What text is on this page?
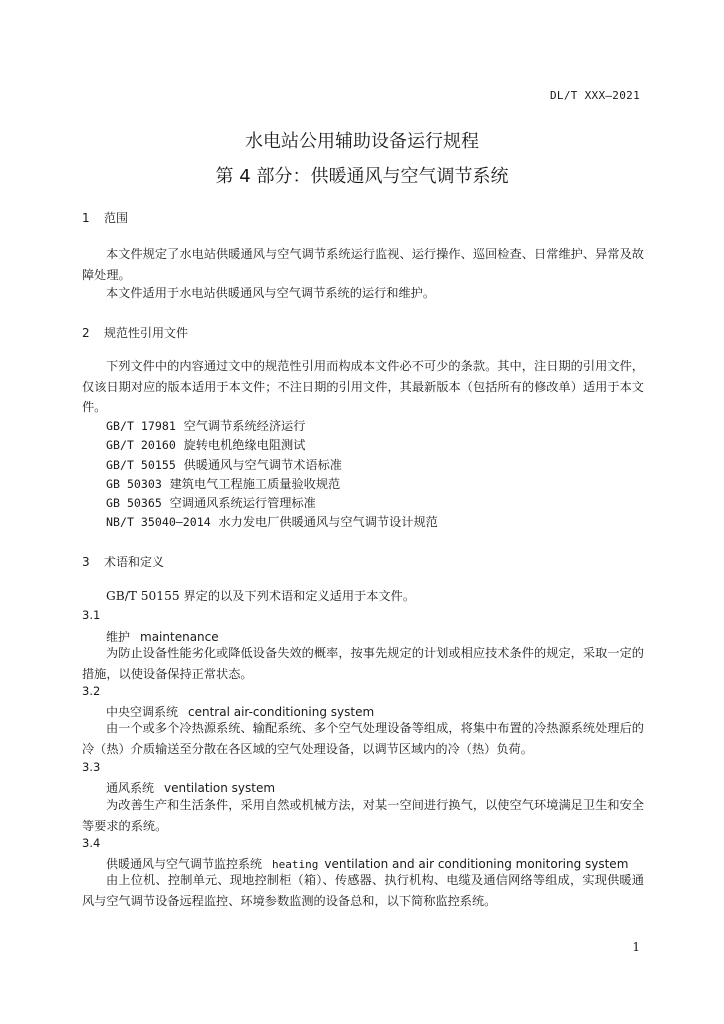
DL/T XXX—2021
水电站公用辅助设备运行规程
第 4 部分：供暖通风与空气调节系统
1 范围
本文件规定了水电站供暖通风与空气调节系统运行监视、运行操作、巡回检查、日常维护、异常及故障处理。
本文件适用于水电站供暖通风与空气调节系统的运行和维护。
2 规范性引用文件
下列文件中的内容通过文中的规范性引用而构成本文件必不可少的条款。其中，注日期的引用文件，仅该日期对应的版本适用于本文件；不注日期的引用文件，其最新版本（包括所有的修改单）适用于本文件。
GB/T 17981 空气调节系统经济运行
GB/T 20160 旋转电机绝缘电阻测试
GB/T 50155 供暖通风与空气调节术语标准
GB 50303 建筑电气工程施工质量验收规范
GB 50365 空调通风系统运行管理标准
NB/T 35040—2014 水力发电厂供暖通风与空气调节设计规范
3 术语和定义
GB/T 50155 界定的以及下列术语和定义适用于本文件。
3.1
维护 maintenance
为防止设备性能劣化或降低设备失效的概率，按事先规定的计划或相应技术条件的规定，采取一定的措施，以使设备保持正常状态。
3.2
中央空调系统 central air-conditioning system
由一个或多个冷热源系统、输配系统、多个空气处理设备等组成，将集中布置的冷热源系统处理后的冷（热）介质输送至分散在各区域的空气处理设备，以调节区域内的冷（热）负荷。
3.3
通风系统 ventilation system
为改善生产和生活条件，采用自然或机械方法，对某一空间进行换气，以使空气环境满足卫生和安全等要求的系统。
3.4
供暖通风与空气调节监控系统 heating ventilation and air conditioning monitoring system
由上位机、控制单元、现地控制柜（箱）、传感器、执行机构、电缆及通信网络等组成，实现供暖通风与空气调节设备远程监控、环境参数监测的设备总和，以下简称监控系统。
1
